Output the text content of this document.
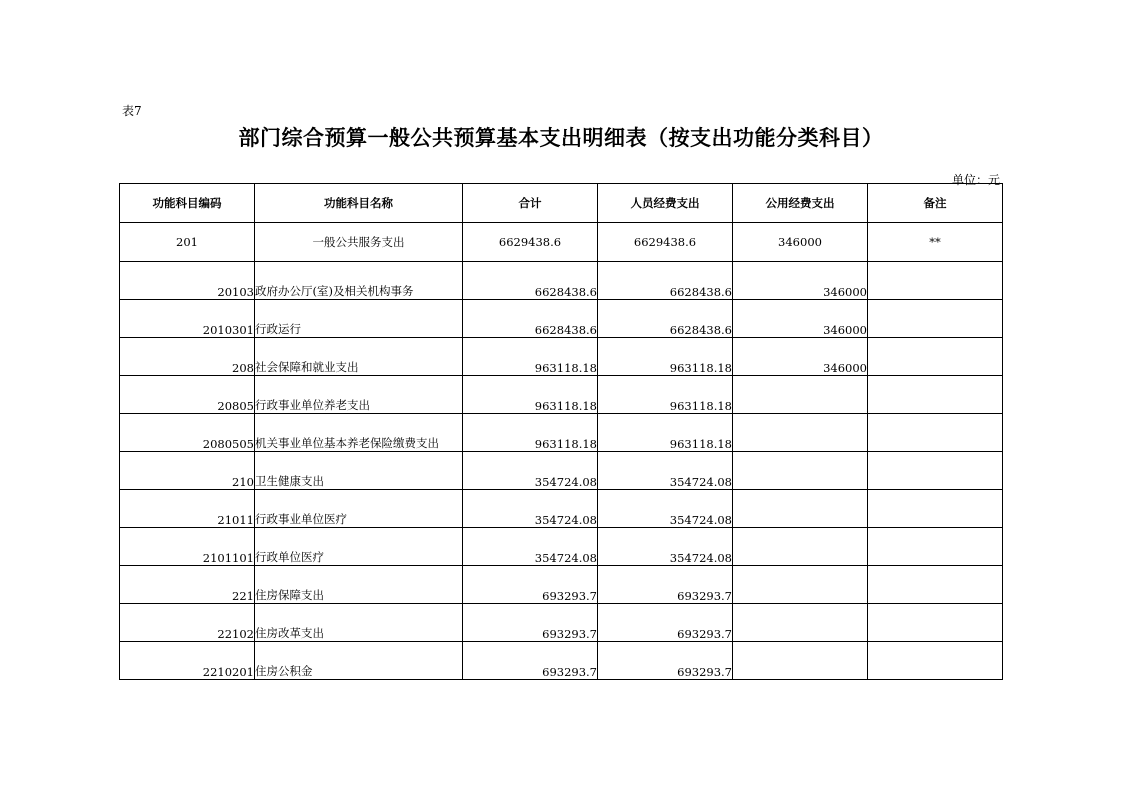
表7
部门综合预算一般公共预算基本支出明细表（按支出功能分类科目）
单位：元
功能科目编码	功能科目名称	合计	人员经费支出	公用经费支出	备注
201	一般公共服务支出	6629438.6	6629438.6	346000	**
20103	政府办公厅(室)及相关机构事务	6628438.6	6628438.6	346000	
2010301	行政运行	6628438.6	6628438.6	346000	
208	社会保障和就业支出	963118.18	963118.18	346000	
20805	行政事业单位养老支出	963118.18	963118.18		
2080505	机关事业单位基本养老保险缴费支出	963118.18	963118.18		
210	卫生健康支出	354724.08	354724.08		
21011	行政事业单位医疗	354724.08	354724.08		
2101101	行政单位医疗	354724.08	354724.08		
221	住房保障支出	693293.7	693293.7		
22102	住房改革支出	693293.7	693293.7		
2210201	住房公积金	693293.7	693293.7		
